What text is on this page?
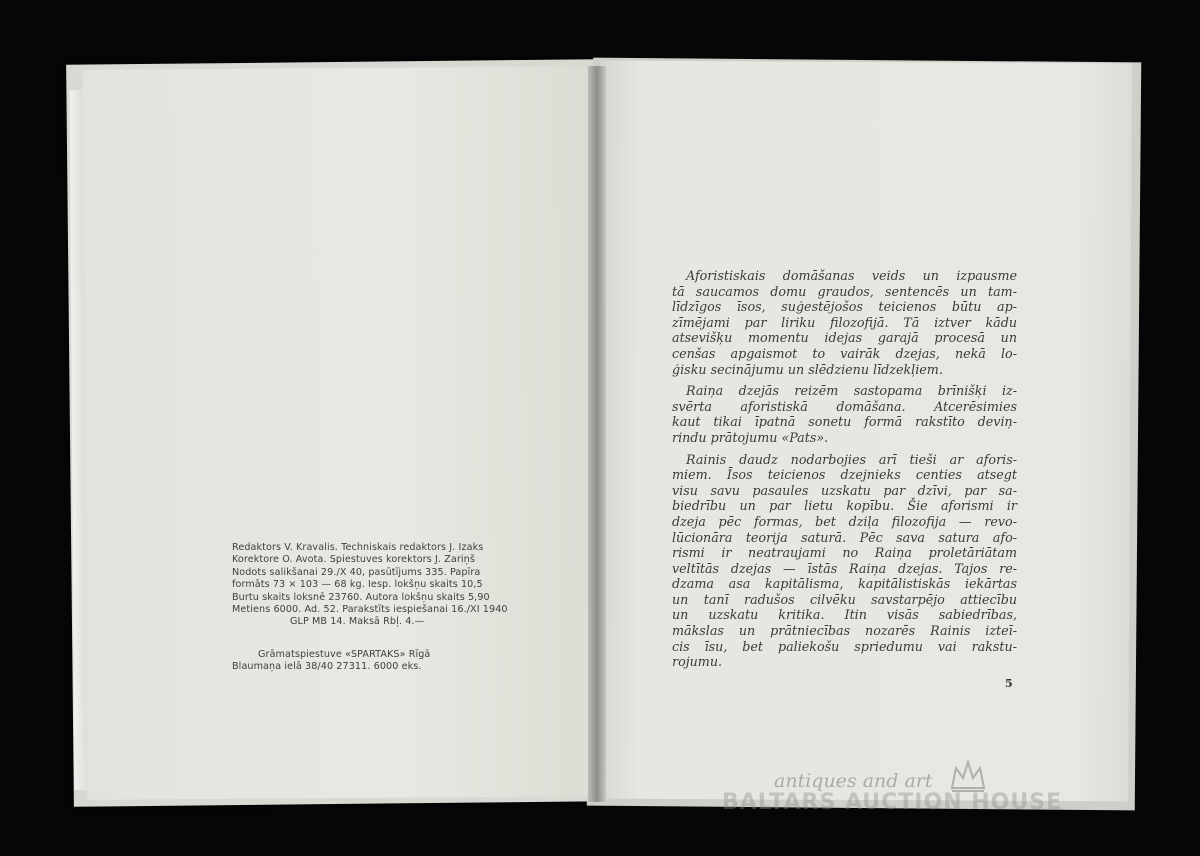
Redaktors V. Kravalis. Techniskais redaktors J. Izaks
Korektore O. Avota. Spiestuves korektors J. Zariņš
Nodots salikšanai 29./X 40, pasūtījums 335. Papīra
formāts 73 × 103 — 68 kg. Iesp. lokšņu skaits 10,5
Burtu skaits loksnē 23760. Autora lokšņu skaits 5,90
Metiens 6000. Ad. 52. Parakstīts iespiešanai 16./XI 1940
GLP MB 14. Maksā Rbļ. 4.—
Grāmatspiestuve «SPARTAKS» Rīgā
Blaumaņa ielā 38/40 27311. 6000 eks.
Aforistiskais domāšanas veids un izpausme
tā saucamos domu graudos, sentencēs un tam-
līdzīgos īsos, suģestējošos teicienos būtu ap-
zīmējami par liriku filozofijā. Tā iztver kādu
atsevišķu momentu idejas garajā procesā un
cenšas apgaismot to vairāk dzejas, nekā lo-
ģisku secinājumu un slēdzienu līdzekļiem.
Raiņa dzejās reizēm sastopama brīnišķi iz-
svērta aforistiskā domāšana. Atcerēsimies
kaut tikai īpatnā sonetu formā rakstīto deviņ-
rindu prātojumu «Pats».
Rainis daudz nodarbojies arī tieši ar aforis-
miem. Īsos teicienos dzejnieks centies atsegt
visu savu pasaules uzskatu par dzīvi, par sa-
biedrību un par lietu kopību. Šie aforismi ir
dzeja pēc formas, bet dziļa filozofija — revo-
lūcionāra teorija saturā. Pēc sava satura afo-
rismi ir neatraujami no Raiņa proletāriātam
veltītās dzejas — īstās Raiņa dzejas. Tajos re-
dzama asa kapitālisma, kapitālistiskās iekārtas
un tanī radušos cilvēku savstarpējo attiecību
un uzskatu kritika. Itin visās sabiedrības,
mākslas un prātniecības nozarēs Rainis izteī-
cis īsu, bet paliekošu spriedumu vai rakstu-
rojumu.
5
antiques and art
BALTARS AUCTION HOUSE
